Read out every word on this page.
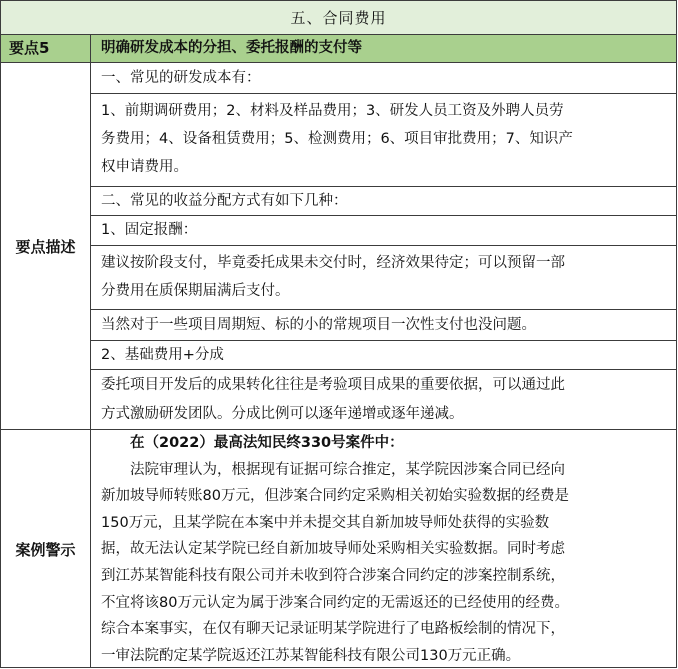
五、合同费用
要点5	明确研发成本的分担、委托报酬的支付等
要点描述
一、常见的研发成本有：
1、前期调研费用；2、材料及样品费用；3、研发人员工资及外聘人员劳
务费用；4、设备租赁费用；5、检测费用；6、项目审批费用；7、知识产
权申请费用。
二、常见的收益分配方式有如下几种：
1、固定报酬：
建议按阶段支付，毕竟委托成果未交付时，经济效果待定；可以预留一部
分费用在质保期届满后支付。
当然对于一些项目周期短、标的小的常规项目一次性支付也没问题。
2、基础费用+分成
委托项目开发后的成果转化往往是考验项目成果的重要依据，可以通过此
方式激励研发团队。分成比例可以逐年递增或逐年递减。
案例警示
在（2022）最高法知民终330号案件中：
法院审理认为，根据现有证据可综合推定，某学院因涉案合同已经向
新加坡导师转账80万元，但涉案合同约定采购相关初始实验数据的经费是
150万元，且某学院在本案中并未提交其自新加坡导师处获得的实验数
据，故无法认定某学院已经自新加坡导师处采购相关实验数据。同时考虑
到江苏某智能科技有限公司并未收到符合涉案合同约定的涉案控制系统，
不宜将该80万元认定为属于涉案合同约定的无需返还的已经使用的经费。
综合本案事实，在仅有聊天记录证明某学院进行了电路板绘制的情况下，
一审法院酌定某学院返还江苏某智能科技有限公司130万元正确。
